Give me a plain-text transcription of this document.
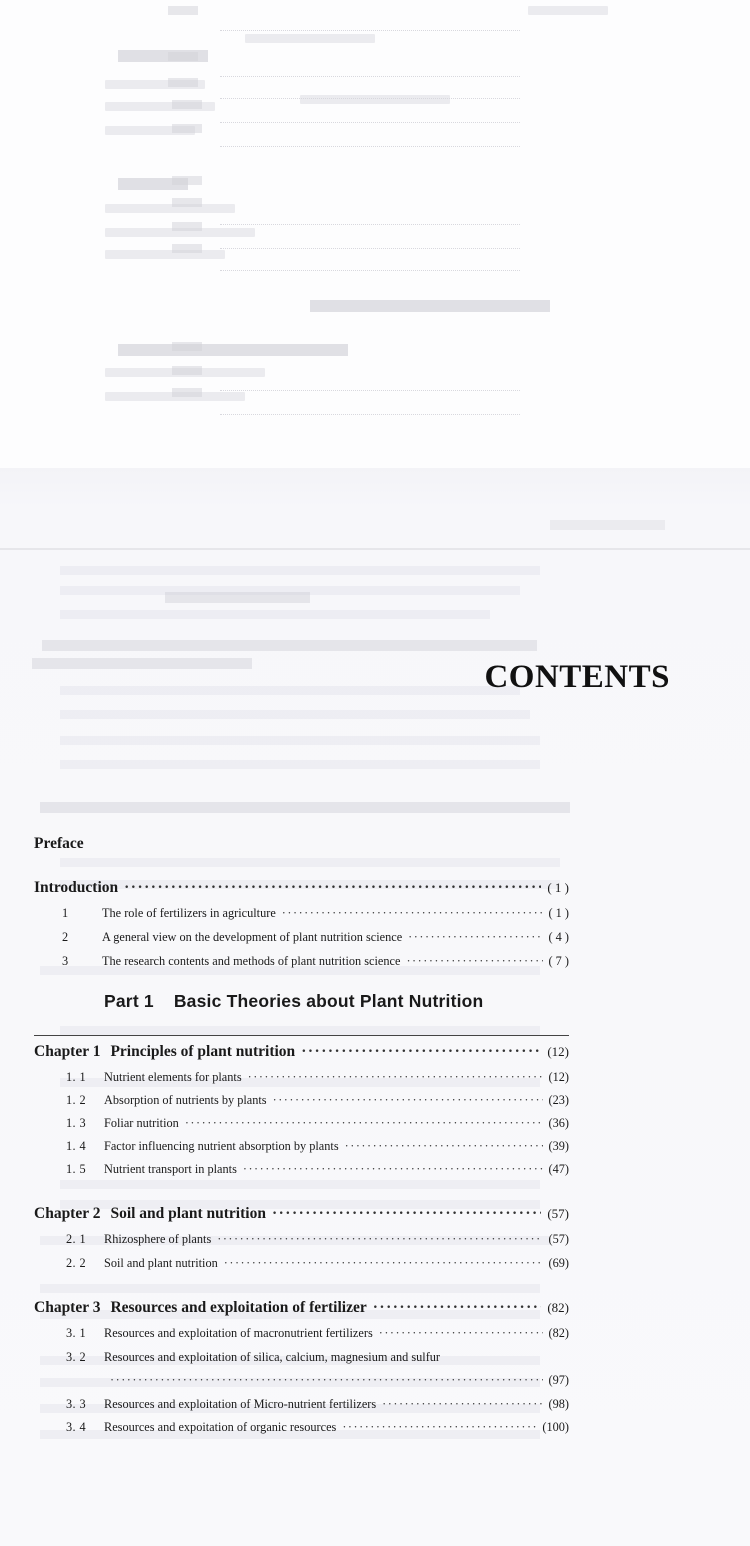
CONTENTS
Preface
Introduction ·····	( 1 )
1	The role of fertilizers in agriculture ·····	( 1 )
2	A general view on the development of plant nutrition science ·····	( 4 )
3	The research contents and methods of plant nutrition science ·····	( 7 )
Part 1 Basic Theories about Plant Nutrition
Chapter 1 Principles of plant nutrition ·····	(12)
1. 1	Nutrient elements for plants ·····	(12)
1. 2	Absorption of nutrients by plants ·····	(23)
1. 3	Foliar nutrition ·····	(36)
1. 4	Factor influencing nutrient absorption by plants ·····	(39)
1. 5	Nutrient transport in plants ·····	(47)
Chapter 2 Soil and plant nutrition ·····	(57)
2. 1	Rhizosphere of plants ·····	(57)
2. 2	Soil and plant nutrition ·····	(69)
Chapter 3 Resources and exploitation of fertilizer ·····	(82)
3. 1	Resources and exploitation of macronutrient fertilizers ·····	(82)
3. 2	Resources and exploitation of silica, calcium, magnesium and sulfur
·····
(97)
3. 3	Resources and exploitation of Micro-nutrient fertilizers ·····	(98)
3. 4	Resources and expoitation of organic resources ·····	(100)
